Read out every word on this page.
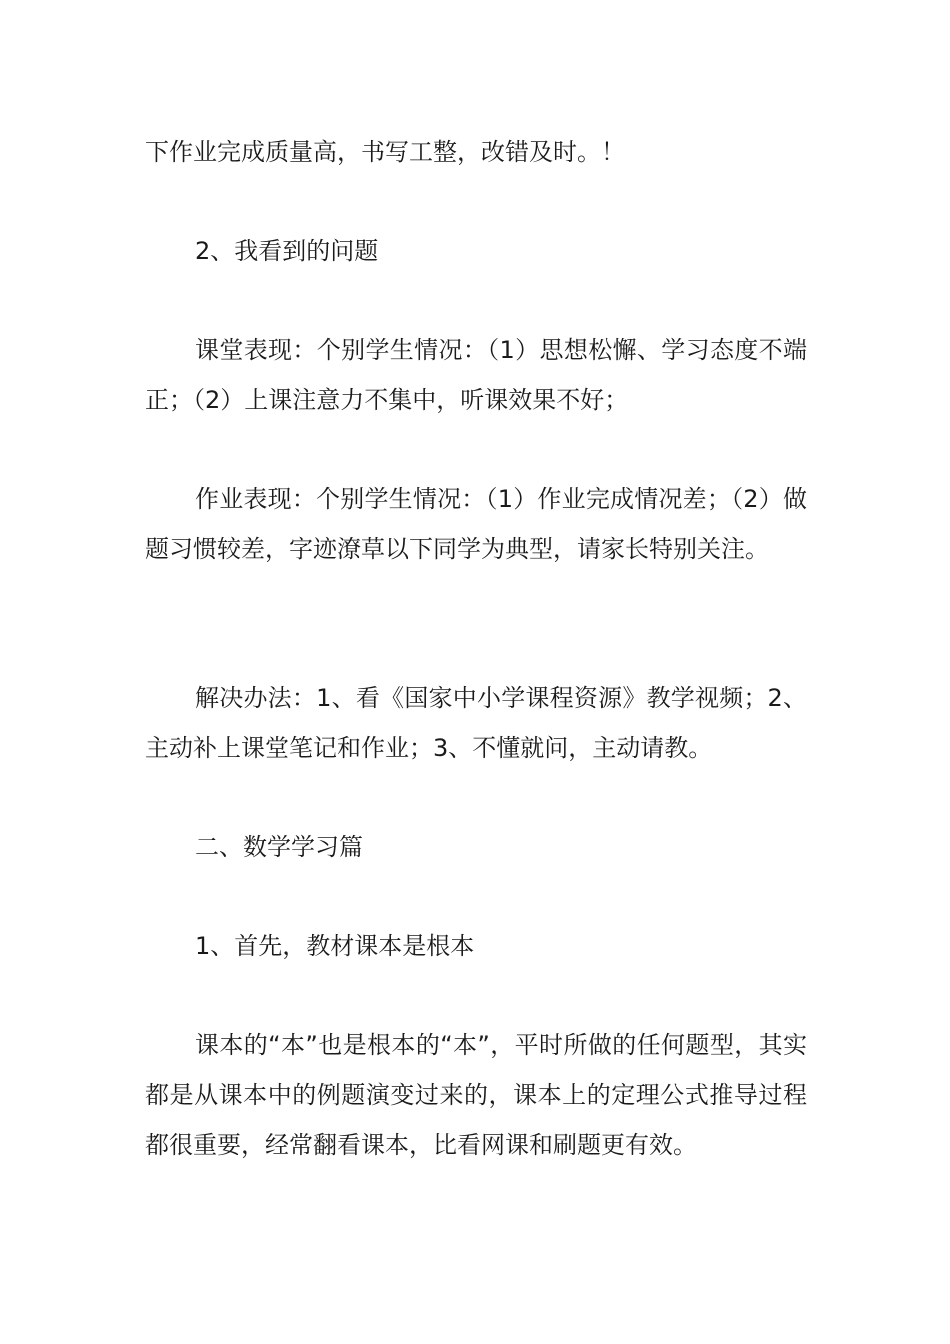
下作业完成质量高，书写工整，改错及时。！

2、我看到的问题

课堂表现：个别学生情况：（1）思想松懈、学习态度不端正；（2）上课注意力不集中，听课效果不好；

作业表现：个别学生情况：（1）作业完成情况差；（2）做题习惯较差，字迹潦草以下同学为典型，请家长特别关注。

解决办法：1、看《国家中小学课程资源》教学视频；2、主动补上课堂笔记和作业；3、不懂就问，主动请教。

二、数学学习篇

1、首先，教材课本是根本

课本的“本”也是根本的“本”，平时所做的任何题型，其实都是从课本中的例题演变过来的，课本上的定理公式推导过程都很重要，经常翻看课本，比看网课和刷题更有效。
